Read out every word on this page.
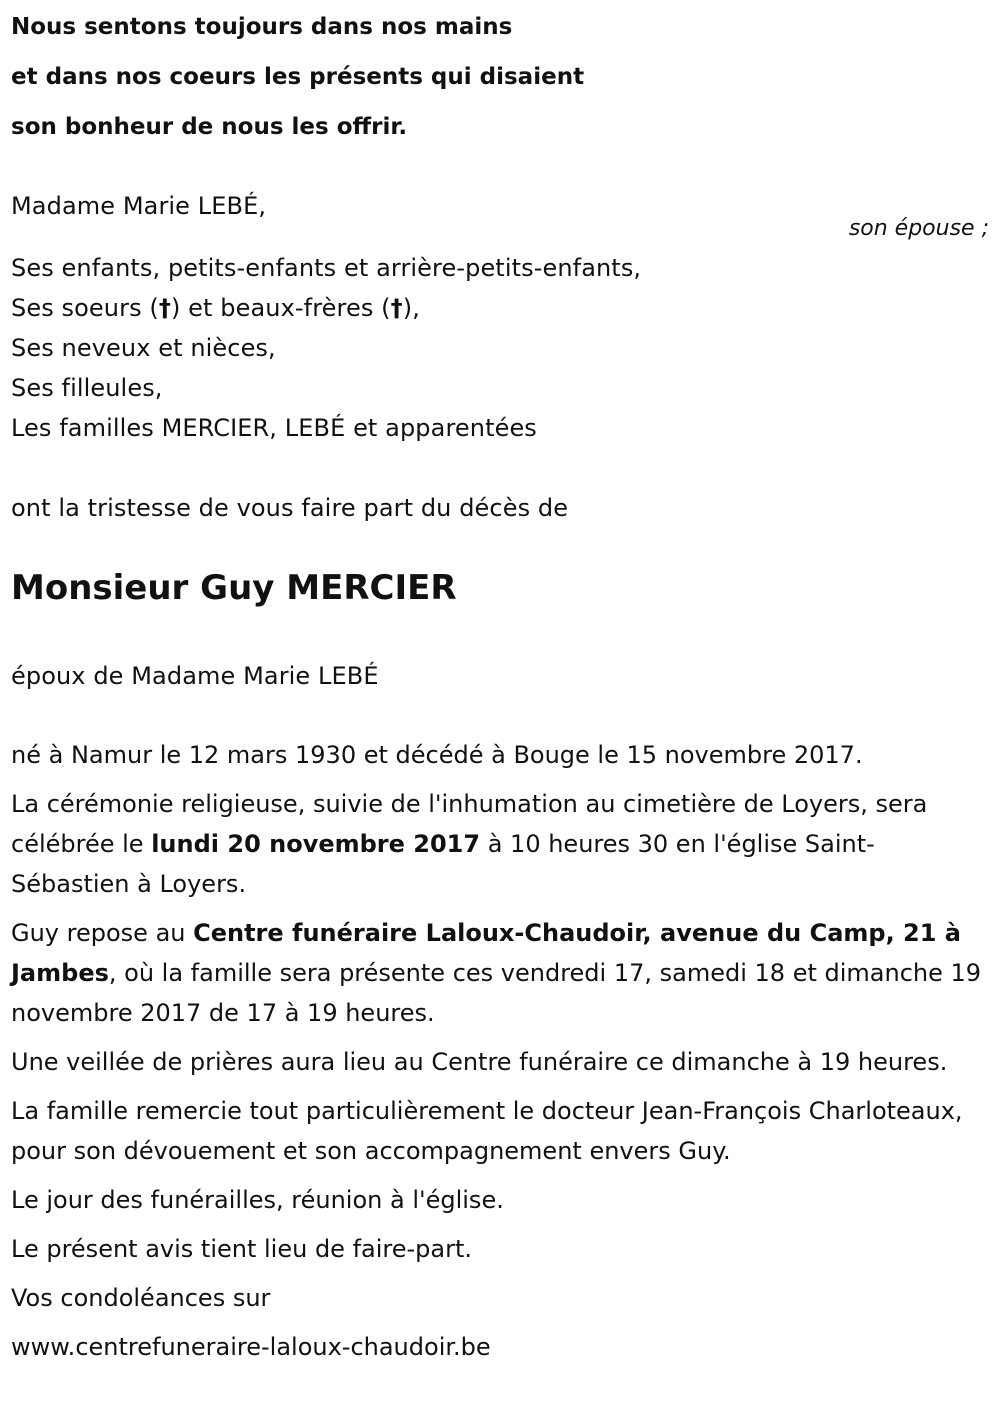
Nous sentons toujours dans nos mains
et dans nos coeurs les présents qui disaient
son bonheur de nous les offrir.
Madame Marie LEBÉ,
son épouse ;
Ses enfants, petits-enfants et arrière-petits-enfants,
Ses soeurs (†) et beaux-frères (†),
Ses neveux et nièces,
Ses filleules,
Les familles MERCIER, LEBÉ et apparentées
ont la tristesse de vous faire part du décès de
Monsieur Guy MERCIER
époux de Madame Marie LEBÉ

né à Namur le 12 mars 1930 et décédé à Bouge le 15 novembre 2017.

La cérémonie religieuse, suivie de l'inhumation au cimetière de Loyers, sera célébrée le lundi 20 novembre 2017 à 10 heures 30 en l'église Saint-Sébastien à Loyers.

Guy repose au Centre funéraire Laloux-Chaudoir, avenue du Camp, 21 à Jambes, où la famille sera présente ces vendredi 17, samedi 18 et dimanche 19 novembre 2017 de 17 à 19 heures.

Une veillée de prières aura lieu au Centre funéraire ce dimanche à 19 heures.

La famille remercie tout particulièrement le docteur Jean-François Charloteaux, pour son dévouement et son accompagnement envers Guy.

Le jour des funérailles, réunion à l'église.

Le présent avis tient lieu de faire-part.

Vos condoléances sur

www.centrefuneraire-laloux-chaudoir.be
